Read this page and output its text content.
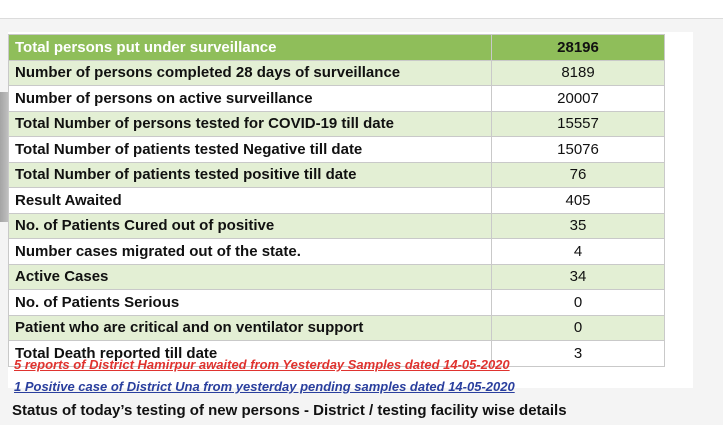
Total persons put under surveillance	28196
Number of persons completed 28 days of surveillance	8189
Number of persons on active surveillance	20007
Total Number of persons tested for COVID-19 till date	15557
Total Number of patients tested Negative till date	15076
Total Number of patients tested positive till date	76
Result Awaited	405
No. of Patients Cured out of positive	35
Number cases migrated out of the state.	4
Active Cases	34
No. of Patients Serious	0
Patient who are critical and on ventilator support	0
Total Death reported till date	3
5 reports of District Hamirpur awaited from Yesterday Samples dated 14-05-2020
1 Positive case of District Una from yesterday pending samples dated 14-05-2020
Status of today’s testing of new persons - District / testing facility wise details
